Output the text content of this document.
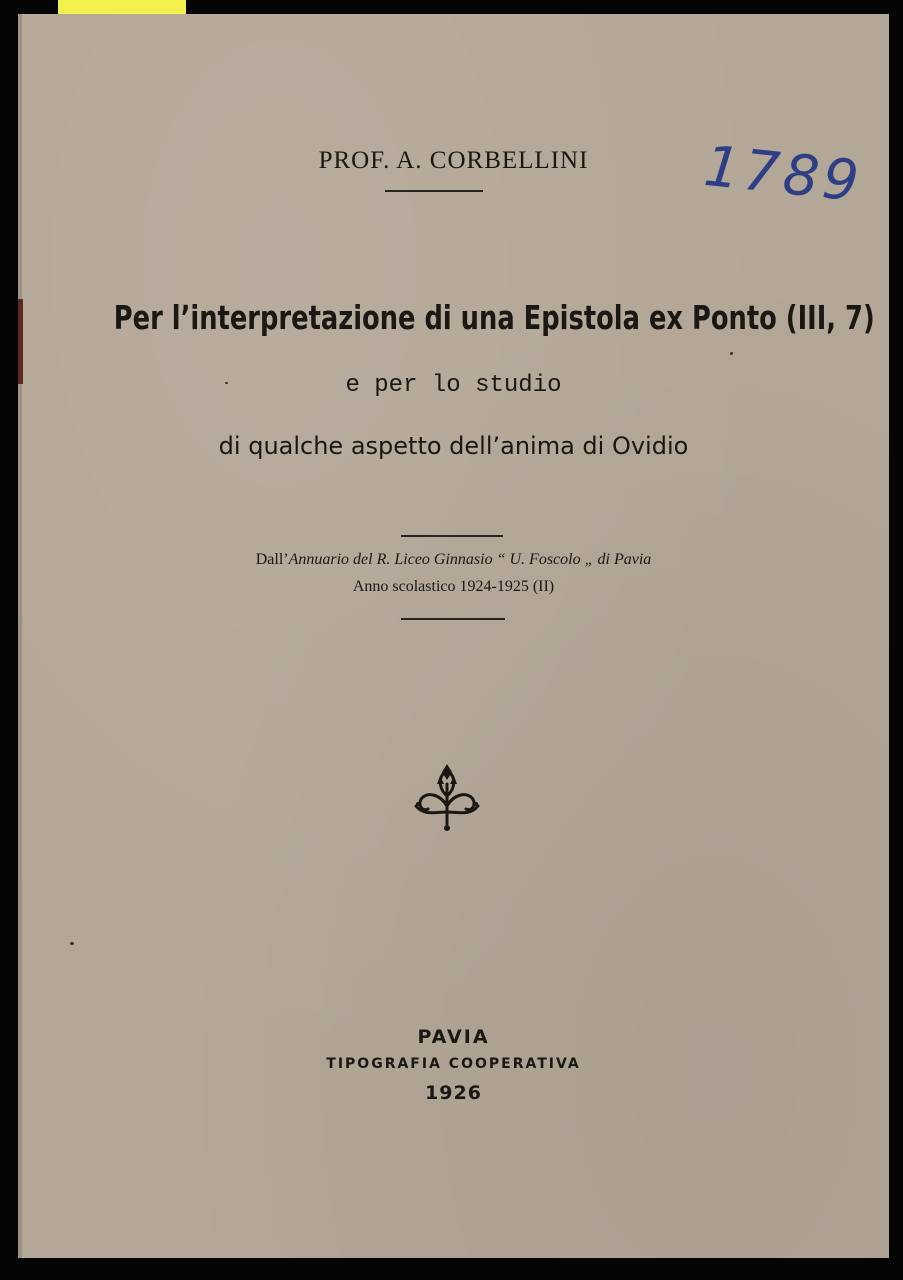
PROF. A. CORBELLINI	1789
Per l’interpretazione di una Epistola ex Ponto (III, 7)
e per lo studio
di qualche aspetto dell’anima di Ovidio
Dall’Annuario del R. Liceo Ginnasio “ U. Foscolo „ di Pavia
Anno scolastico 1924-1925 (II)
PAVIA
TIPOGRAFIA COOPERATIVA
1926
